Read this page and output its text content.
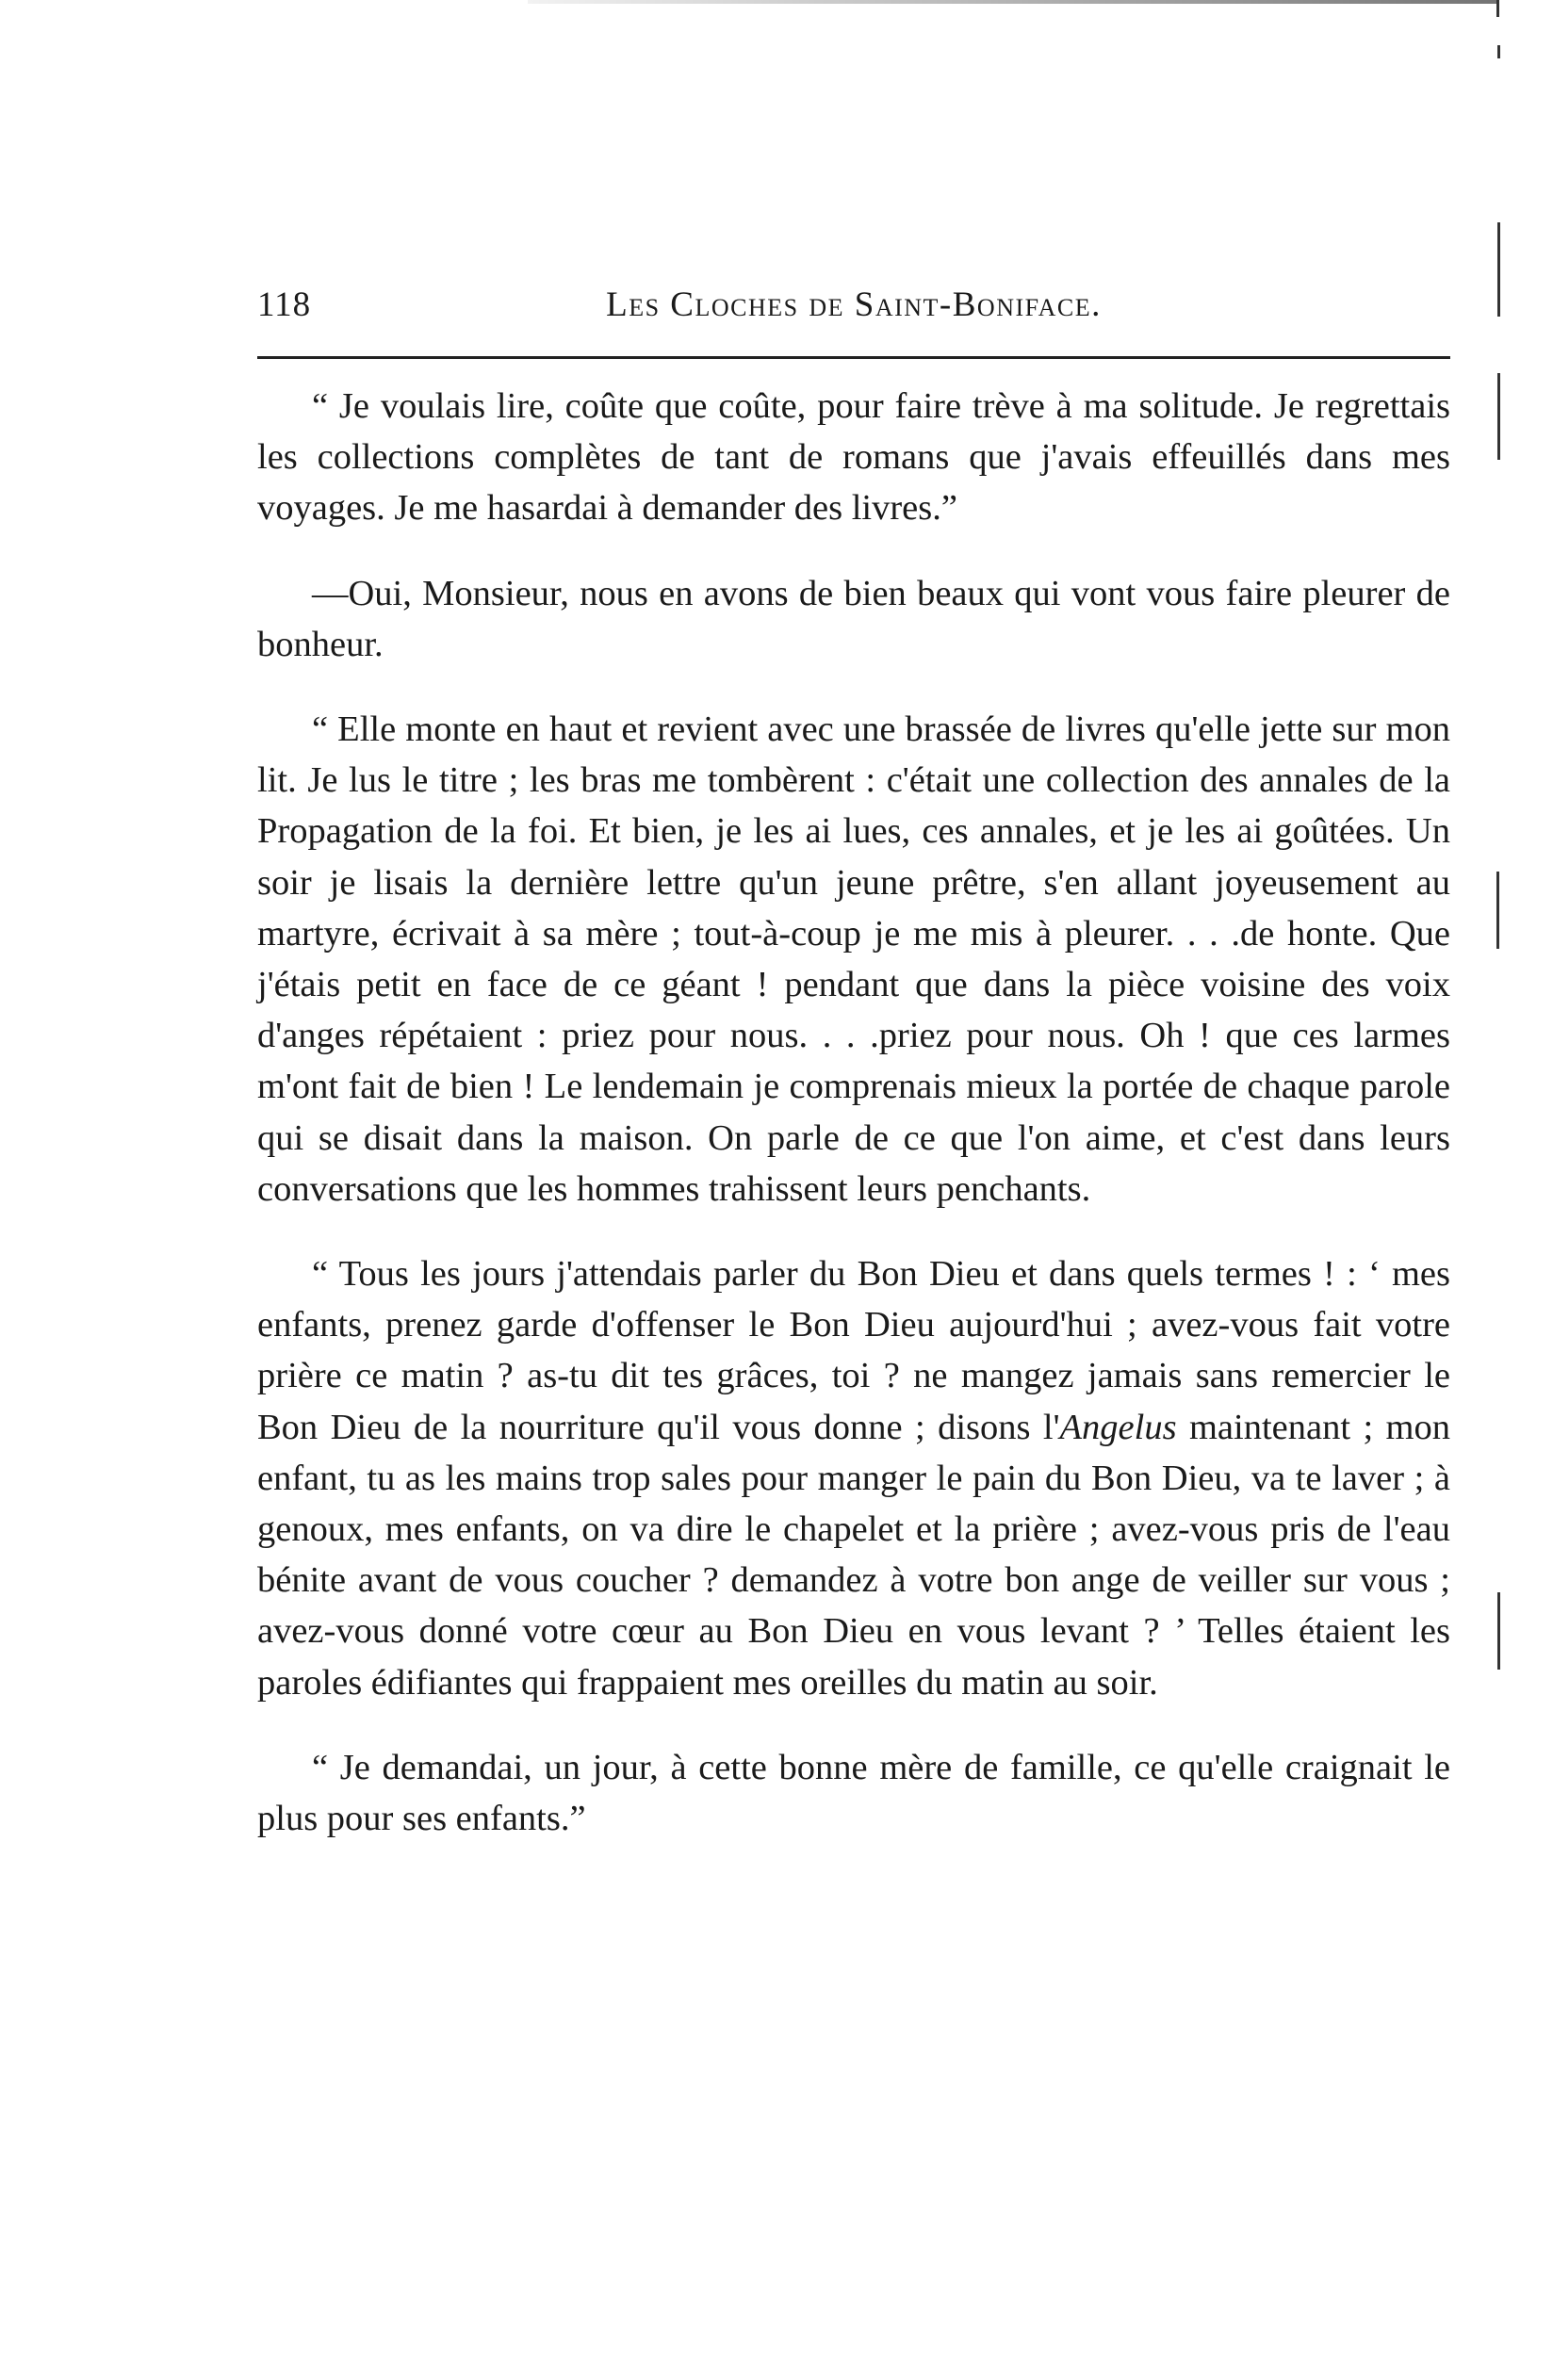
118	Les Cloches de Saint-Boniface.

“ Je voulais lire, coûte que coûte, pour faire trève à ma solitude. Je regrettais les collections complètes de tant de romans que j'avais effeuillés dans mes voyages. Je me hasardai à demander des livres.”

—Oui, Monsieur, nous en avons de bien beaux qui vont vous faire pleurer de bonheur.

“ Elle monte en haut et revient avec une brassée de livres qu'elle jette sur mon lit. Je lus le titre ; les bras me tombèrent : c'était une collection des annales de la Propagation de la foi. Et bien, je les ai lues, ces annales, et je les ai goûtées. Un soir je lisais la dernière lettre qu'un jeune prêtre, s'en allant joyeusement au martyre, écrivait à sa mère ; tout-à-coup je me mis à pleurer. . . .de honte. Que j'étais petit en face de ce géant ! pendant que dans la pièce voisine des voix d'anges répétaient : priez pour nous. . . .priez pour nous. Oh ! que ces larmes m'ont fait de bien ! Le lendemain je comprenais mieux la portée de chaque parole qui se disait dans la maison. On parle de ce que l'on aime, et c'est dans leurs conversations que les hommes trahissent leurs penchants.

“ Tous les jours j'attendais parler du Bon Dieu et dans quels termes ! : ‘ mes enfants, prenez garde d'offenser le Bon Dieu aujourd'hui ; avez-vous fait votre prière ce matin ? as-tu dit tes grâces, toi ? ne mangez jamais sans remercier le Bon Dieu de la nourriture qu'il vous donne ; disons l'Angelus maintenant ; mon enfant, tu as les mains trop sales pour manger le pain du Bon Dieu, va te laver ; à genoux, mes enfants, on va dire le chapelet et la prière ; avez-vous pris de l'eau bénite avant de vous coucher ? demandez à votre bon ange de veiller sur vous ; avez-vous donné votre cœur au Bon Dieu en vous levant ? ’ Telles étaient les paroles édifiantes qui frappaient mes oreilles du matin au soir.

“ Je demandai, un jour, à cette bonne mère de famille, ce qu'elle craignait le plus pour ses enfants.”
